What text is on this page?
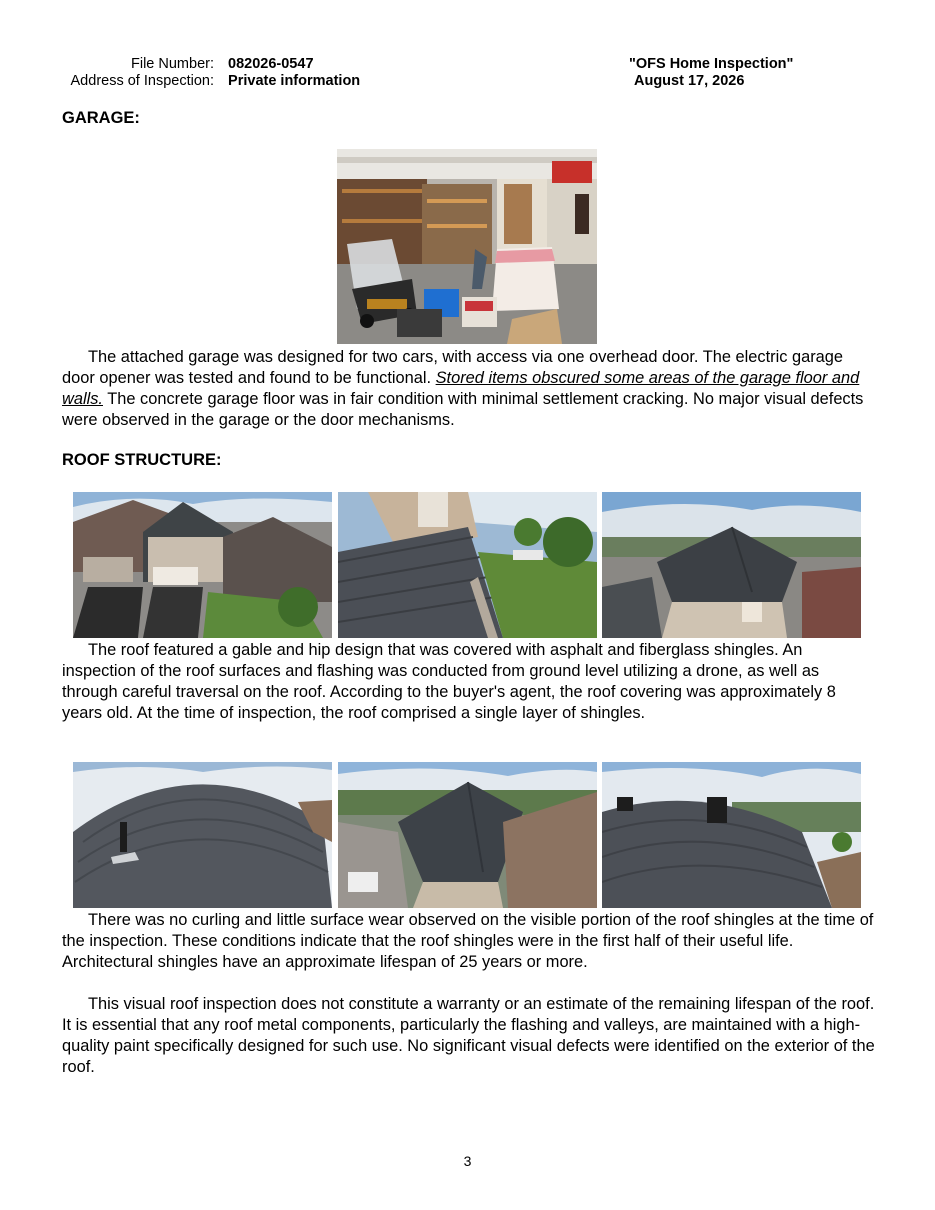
File Number: 082026-0547
Address of Inspection: Private information
"OFS Home Inspection"
August 17, 2026
GARAGE:
The attached garage was designed for two cars, with access via one overhead door. The electric garage door opener was tested and found to be functional. Stored items obscured some areas of the garage floor and walls. The concrete garage floor was in fair condition with minimal settlement cracking. No major visual defects were observed in the garage or the door mechanisms.
ROOF STRUCTURE:
The roof featured a gable and hip design that was covered with asphalt and fiberglass shingles. An inspection of the roof surfaces and flashing was conducted from ground level utilizing a drone, as well as through careful traversal on the roof. According to the buyer's agent, the roof covering was approximately 8 years old. At the time of inspection, the roof comprised a single layer of shingles.
There was no curling and little surface wear observed on the visible portion of the roof shingles at the time of the inspection. These conditions indicate that the roof shingles were in the first half of their useful life. Architectural shingles have an approximate lifespan of 25 years or more.
This visual roof inspection does not constitute a warranty or an estimate of the remaining lifespan of the roof. It is essential that any roof metal components, particularly the flashing and valleys, are maintained with a high-quality paint specifically designed for such use. No significant visual defects were identified on the exterior of the roof.
3
